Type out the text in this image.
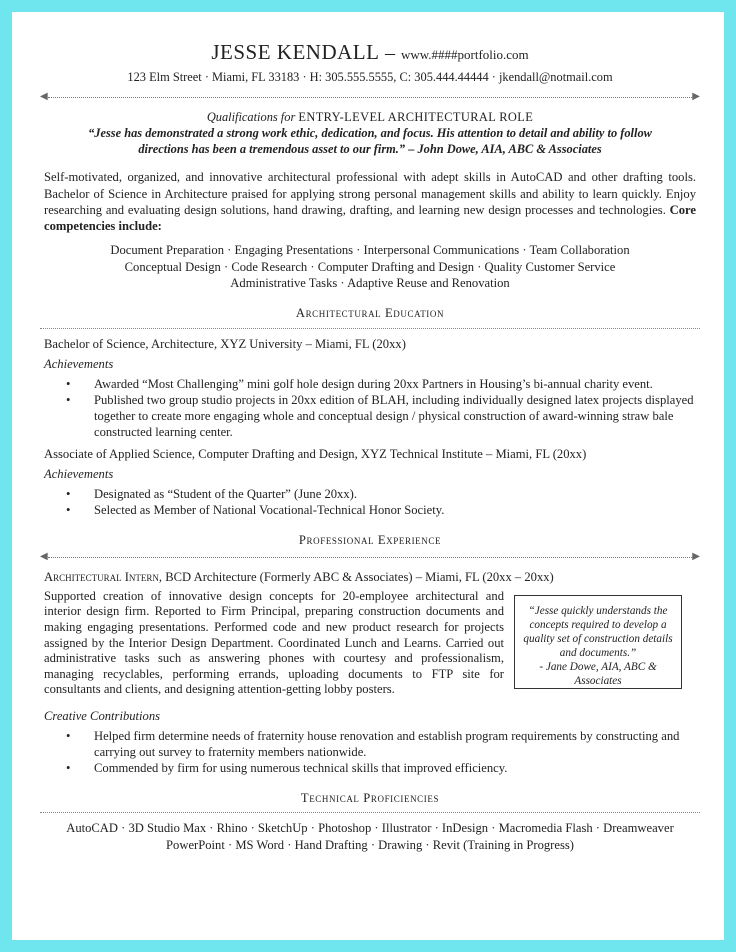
JESSE KENDALL – www.####portfolio.com
123 Elm Street · Miami, FL 33183 · H: 305.555.5555, C: 305.444.44444 · jkendall@notmail.com
◀	▶
Qualifications for ENTRY-LEVEL ARCHITECTURAL ROLE
“Jesse has demonstrated a strong work ethic, dedication, and focus. His attention to detail and ability to follow
directions has been a tremendous asset to our firm.” – John Dowe, AIA, ABC & Associates
Self-motivated, organized, and innovative architectural professional with adept skills in AutoCAD and other drafting tools. Bachelor of Science in Architecture praised for applying strong personal management skills and ability to learn quickly. Enjoy researching and evaluating design solutions, hand drawing, drafting, and learning new design processes and technologies. Core competencies include:
Document Preparation · Engaging Presentations · Interpersonal Communications · Team Collaboration
Conceptual Design · Code Research · Computer Drafting and Design · Quality Customer Service
Administrative Tasks · Adaptive Reuse and Renovation
Architectural Education
Bachelor of Science, Architecture, XYZ University – Miami, FL (20xx)
Achievements
• Awarded “Most Challenging” mini golf hole design during 20xx Partners in Housing’s bi-annual charity event.
• Published two group studio projects in 20xx edition of BLAH, including individually designed latex projects displayed together to create more engaging whole and conceptual design / physical construction of award-winning straw bale constructed learning center.
Associate of Applied Science, Computer Drafting and Design, XYZ Technical Institute – Miami, FL (20xx)
Achievements
• Designated as “Student of the Quarter” (June 20xx).
• Selected as Member of National Vocational-Technical Honor Society.
Professional Experience
◀	▶
Architectural Intern, BCD Architecture (Formerly ABC & Associates) – Miami, FL (20xx – 20xx)
Supported creation of innovative design concepts for 20-employee architectural and interior design firm. Reported to Firm Principal, preparing construction documents and making engaging presentations. Performed code and new product research for projects assigned by the Interior Design Department. Coordinated Lunch and Learns. Carried out administrative tasks such as answering phones with courtesy and professionalism, managing recyclables, performing errands, uploading documents to FTP site for consultants and clients, and designing attention-getting lobby posters.
“Jesse quickly understands the concepts required to develop a quality set of construction details and documents.”
- Jane Dowe, AIA, ABC & Associates
Creative Contributions
• Helped firm determine needs of fraternity house renovation and establish program requirements by constructing and carrying out survey to fraternity members nationwide.
• Commended by firm for using numerous technical skills that improved efficiency.
Technical Proficiencies
AutoCAD · 3D Studio Max · Rhino · SketchUp · Photoshop · Illustrator · InDesign · Macromedia Flash · Dreamweaver
PowerPoint · MS Word · Hand Drafting · Drawing · Revit (Training in Progress)
